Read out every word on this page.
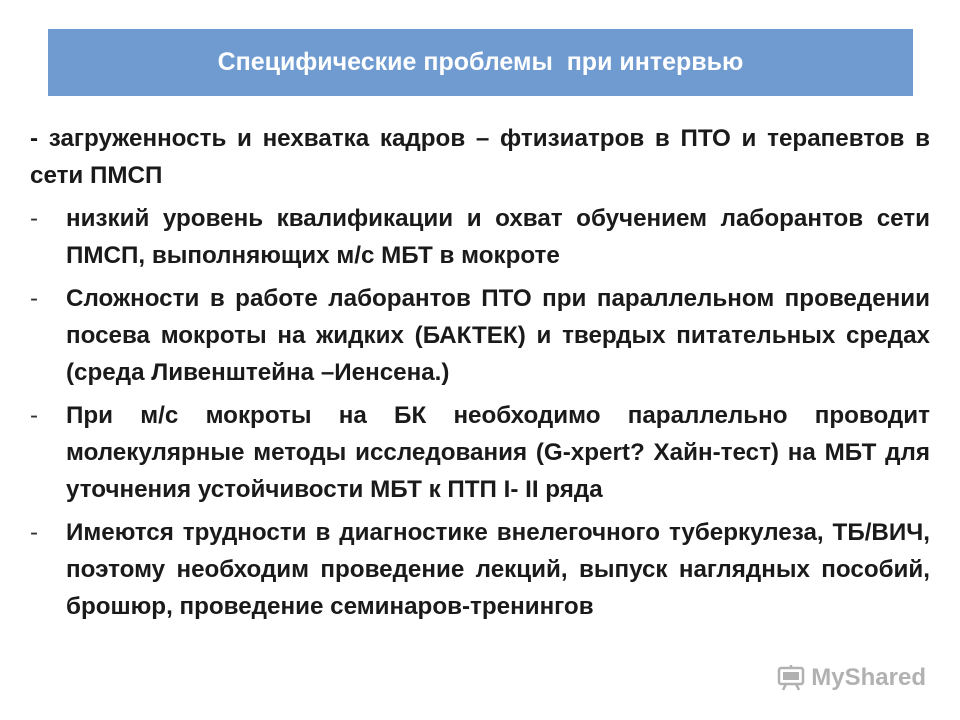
Специфические проблемы  при интервью
- загруженность и нехватка кадров – фтизиатров в ПТО и терапевтов в сети ПМСП
- низкий уровень квалификации и охват обучением лаборантов сети ПМСП, выполняющих м/с МБТ в мокроте
- Сложности в работе лаборантов ПТО при параллельном проведении посева мокроты на жидких (БАКТЕК) и твердых питательных средах (среда Ливенштейна –Иенсена.)
- При м/с мокроты на БК необходимо параллельно проводит молекулярные методы исследования (G-xpert? Хайн-тест) на МБТ для уточнения устойчивости МБТ к ПТП I- II ряда
- Имеются трудности в диагностике внелегочного туберкулеза, ТБ/ВИЧ, поэтому необходим проведение лекций, выпуск наглядных пособий, брошюр, проведение семинаров-тренингов
MyShared
